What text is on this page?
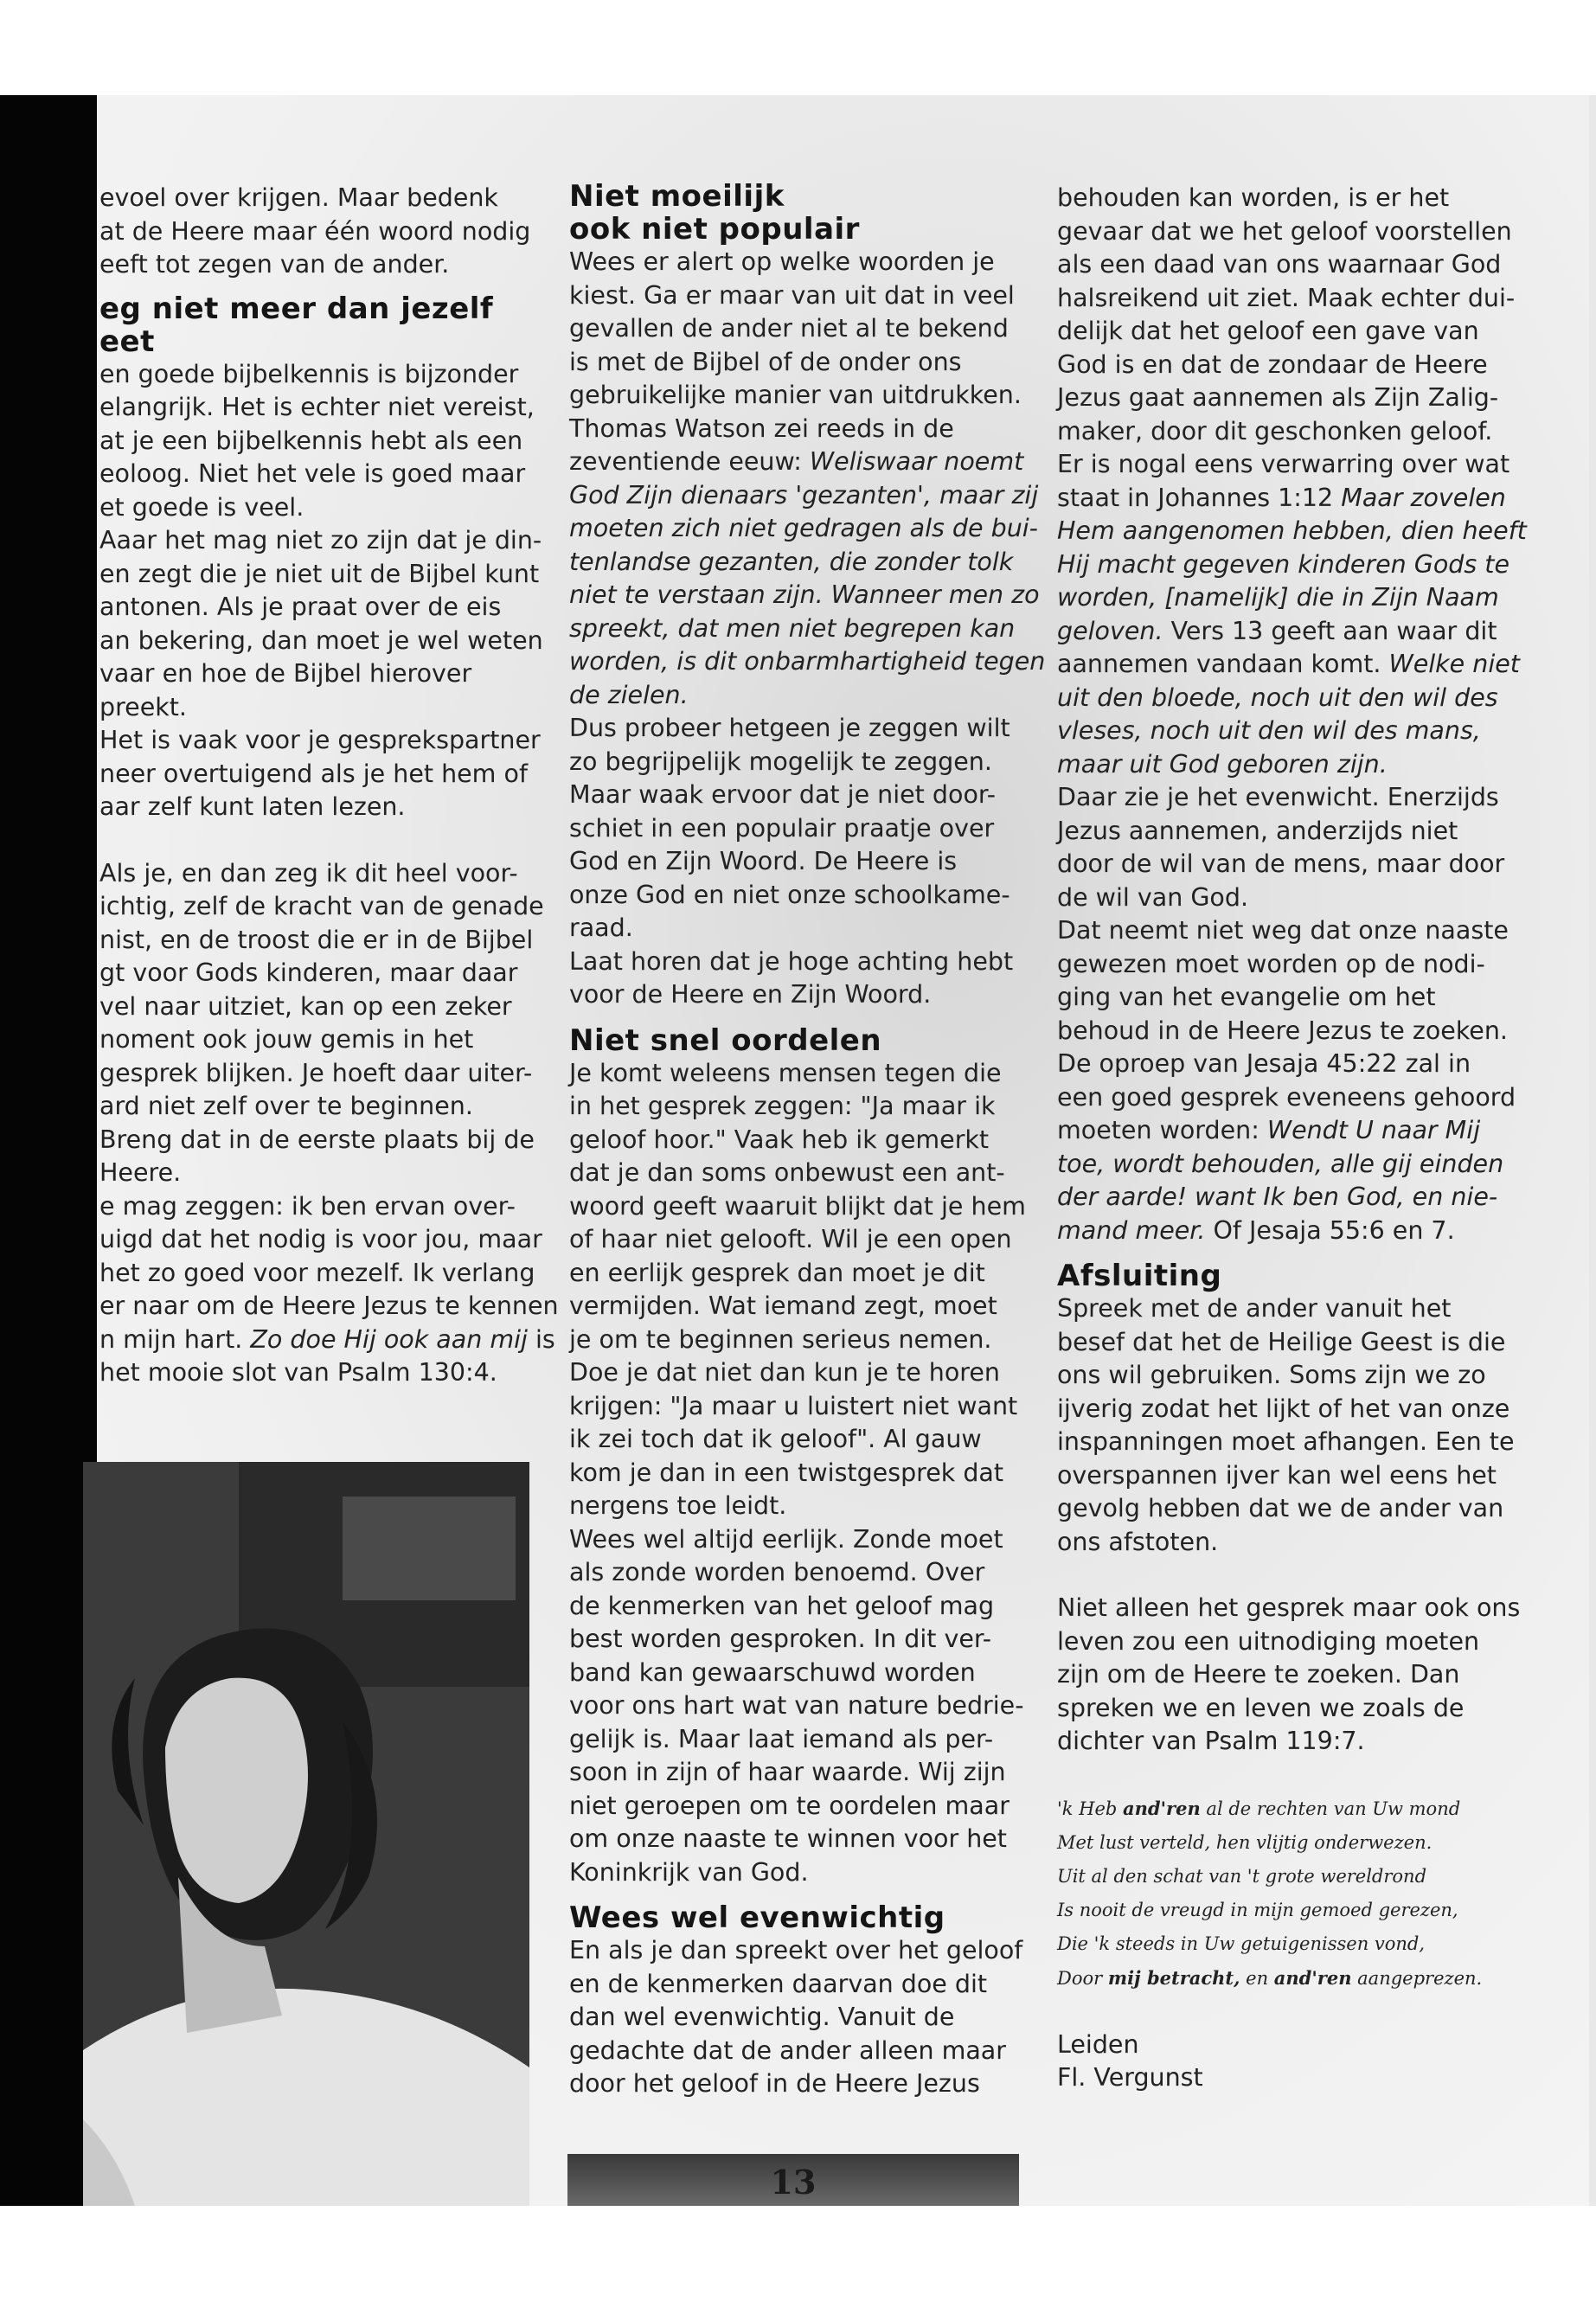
evoel over krijgen. Maar bedenk

at de Heere maar één woord nodig

eeft tot zegen van de ander.

eg niet meer dan jezelf

eet

en goede bijbelkennis is bijzonder

elangrijk. Het is echter niet vereist,

at je een bijbelkennis hebt als een

eoloog. Niet het vele is goed maar

et goede is veel.

Aaar het mag niet zo zijn dat je din-

en zegt die je niet uit de Bijbel kunt

antonen. Als je praat over de eis

an bekering, dan moet je wel weten

vaar en hoe de Bijbel hierover

preekt.

Het is vaak voor je gesprekspartner

neer overtuigend als je het hem of

aar zelf kunt laten lezen.

Als je, en dan zeg ik dit heel voor-

ichtig, zelf de kracht van de genade

nist, en de troost die er in de Bijbel

gt voor Gods kinderen, maar daar

vel naar uitziet, kan op een zeker

noment ook jouw gemis in het

gesprek blijken. Je hoeft daar uiter-

ard niet zelf over te beginnen.

Breng dat in de eerste plaats bij de

Heere.

e mag zeggen: ik ben ervan over-

uigd dat het nodig is voor jou, maar

het zo goed voor mezelf. Ik verlang

er naar om de Heere Jezus te kennen

n mijn hart. Zo doe Hij ook aan mij is

het mooie slot van Psalm 130:4.

Niet moeilijk

ook niet populair

Wees er alert op welke woorden je

kiest. Ga er maar van uit dat in veel

gevallen de ander niet al te bekend

is met de Bijbel of de onder ons

gebruikelijke manier van uitdrukken.

Thomas Watson zei reeds in de

zeventiende eeuw: Weliswaar noemt

God Zijn dienaars 'gezanten', maar zij

moeten zich niet gedragen als de bui-

tenlandse gezanten, die zonder tolk

niet te verstaan zijn. Wanneer men zo

spreekt, dat men niet begrepen kan

worden, is dit onbarmhartigheid tegen

de zielen.

Dus probeer hetgeen je zeggen wilt

zo begrijpelijk mogelijk te zeggen.

Maar waak ervoor dat je niet door-

schiet in een populair praatje over

God en Zijn Woord. De Heere is

onze God en niet onze schoolkame-

raad.

Laat horen dat je hoge achting hebt

voor de Heere en Zijn Woord.

Niet snel oordelen

Je komt weleens mensen tegen die

in het gesprek zeggen: "Ja maar ik

geloof hoor." Vaak heb ik gemerkt

dat je dan soms onbewust een ant-

woord geeft waaruit blijkt dat je hem

of haar niet gelooft. Wil je een open

en eerlijk gesprek dan moet je dit

vermijden. Wat iemand zegt, moet

je om te beginnen serieus nemen.

Doe je dat niet dan kun je te horen

krijgen: "Ja maar u luistert niet want

ik zei toch dat ik geloof". Al gauw

kom je dan in een twistgesprek dat

nergens toe leidt.

Wees wel altijd eerlijk. Zonde moet

als zonde worden benoemd. Over

de kenmerken van het geloof mag

best worden gesproken. In dit ver-

band kan gewaarschuwd worden

voor ons hart wat van nature bedrie-

gelijk is. Maar laat iemand als per-

soon in zijn of haar waarde. Wij zijn

niet geroepen om te oordelen maar

om onze naaste te winnen voor het

Koninkrijk van God.

Wees wel evenwichtig

En als je dan spreekt over het geloof

en de kenmerken daarvan doe dit

dan wel evenwichtig. Vanuit de

gedachte dat de ander alleen maar

door het geloof in de Heere Jezus

behouden kan worden, is er het

gevaar dat we het geloof voorstellen

als een daad van ons waarnaar God

halsreikend uit ziet. Maak echter dui-

delijk dat het geloof een gave van

God is en dat de zondaar de Heere

Jezus gaat aannemen als Zijn Zalig-

maker, door dit geschonken geloof.

Er is nogal eens verwarring over wat

staat in Johannes 1:12 Maar zovelen

Hem aangenomen hebben, dien heeft

Hij macht gegeven kinderen Gods te

worden, [namelijk] die in Zijn Naam

geloven. Vers 13 geeft aan waar dit

aannemen vandaan komt. Welke niet

uit den bloede, noch uit den wil des

vleses, noch uit den wil des mans,

maar uit God geboren zijn.

Daar zie je het evenwicht. Enerzijds

Jezus aannemen, anderzijds niet

door de wil van de mens, maar door

de wil van God.

Dat neemt niet weg dat onze naaste

gewezen moet worden op de nodi-

ging van het evangelie om het

behoud in de Heere Jezus te zoeken.

De oproep van Jesaja 45:22 zal in

een goed gesprek eveneens gehoord

moeten worden: Wendt U naar Mij

toe, wordt behouden, alle gij einden

der aarde! want Ik ben God, en nie-

mand meer. Of Jesaja 55:6 en 7.

Afsluiting

Spreek met de ander vanuit het

besef dat het de Heilige Geest is die

ons wil gebruiken. Soms zijn we zo

ijverig zodat het lijkt of het van onze

inspanningen moet afhangen. Een te

overspannen ijver kan wel eens het

gevolg hebben dat we de ander van

ons afstoten.

Niet alleen het gesprek maar ook ons

leven zou een uitnodiging moeten

zijn om de Heere te zoeken. Dan

spreken we en leven we zoals de

dichter van Psalm 119:7.

'k Heb and'ren al de rechten van Uw mond

Met lust verteld, hen vlijtig onderwezen.

Uit al den schat van 't grote wereldrond

Is nooit de vreugd in mijn gemoed gerezen,

Die 'k steeds in Uw getuigenissen vond,

Door mij betracht, en and'ren aangeprezen.

Leiden

Fl. Vergunst

13
